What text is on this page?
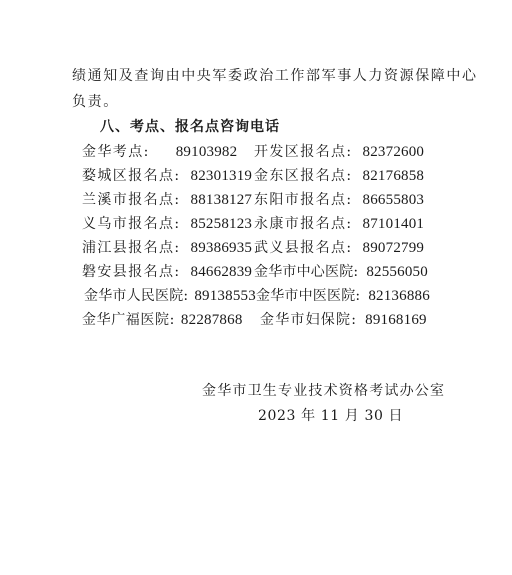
绩通知及查询由中央军委政治工作部军事人力资源保障中心
负责。
八、考点、报名点咨询电话
金华考点: 89103982 开发区报名点: 82372600
婺城区报名点: 82301319 金东区报名点: 82176858
兰溪市报名点: 88138127 东阳市报名点: 86655803
义乌市报名点: 85258123 永康市报名点: 87101401
浦江县报名点: 89386935 武义县报名点: 89072799
磐安县报名点: 84662839 金华市中心医院: 82556050
金华市人民医院: 89138553 金华市中医医院: 82136886
金华广福医院: 82287868 金华市妇保院: 89168169
金华市卫生专业技术资格考试办公室
2023 年 11 月 30 日
